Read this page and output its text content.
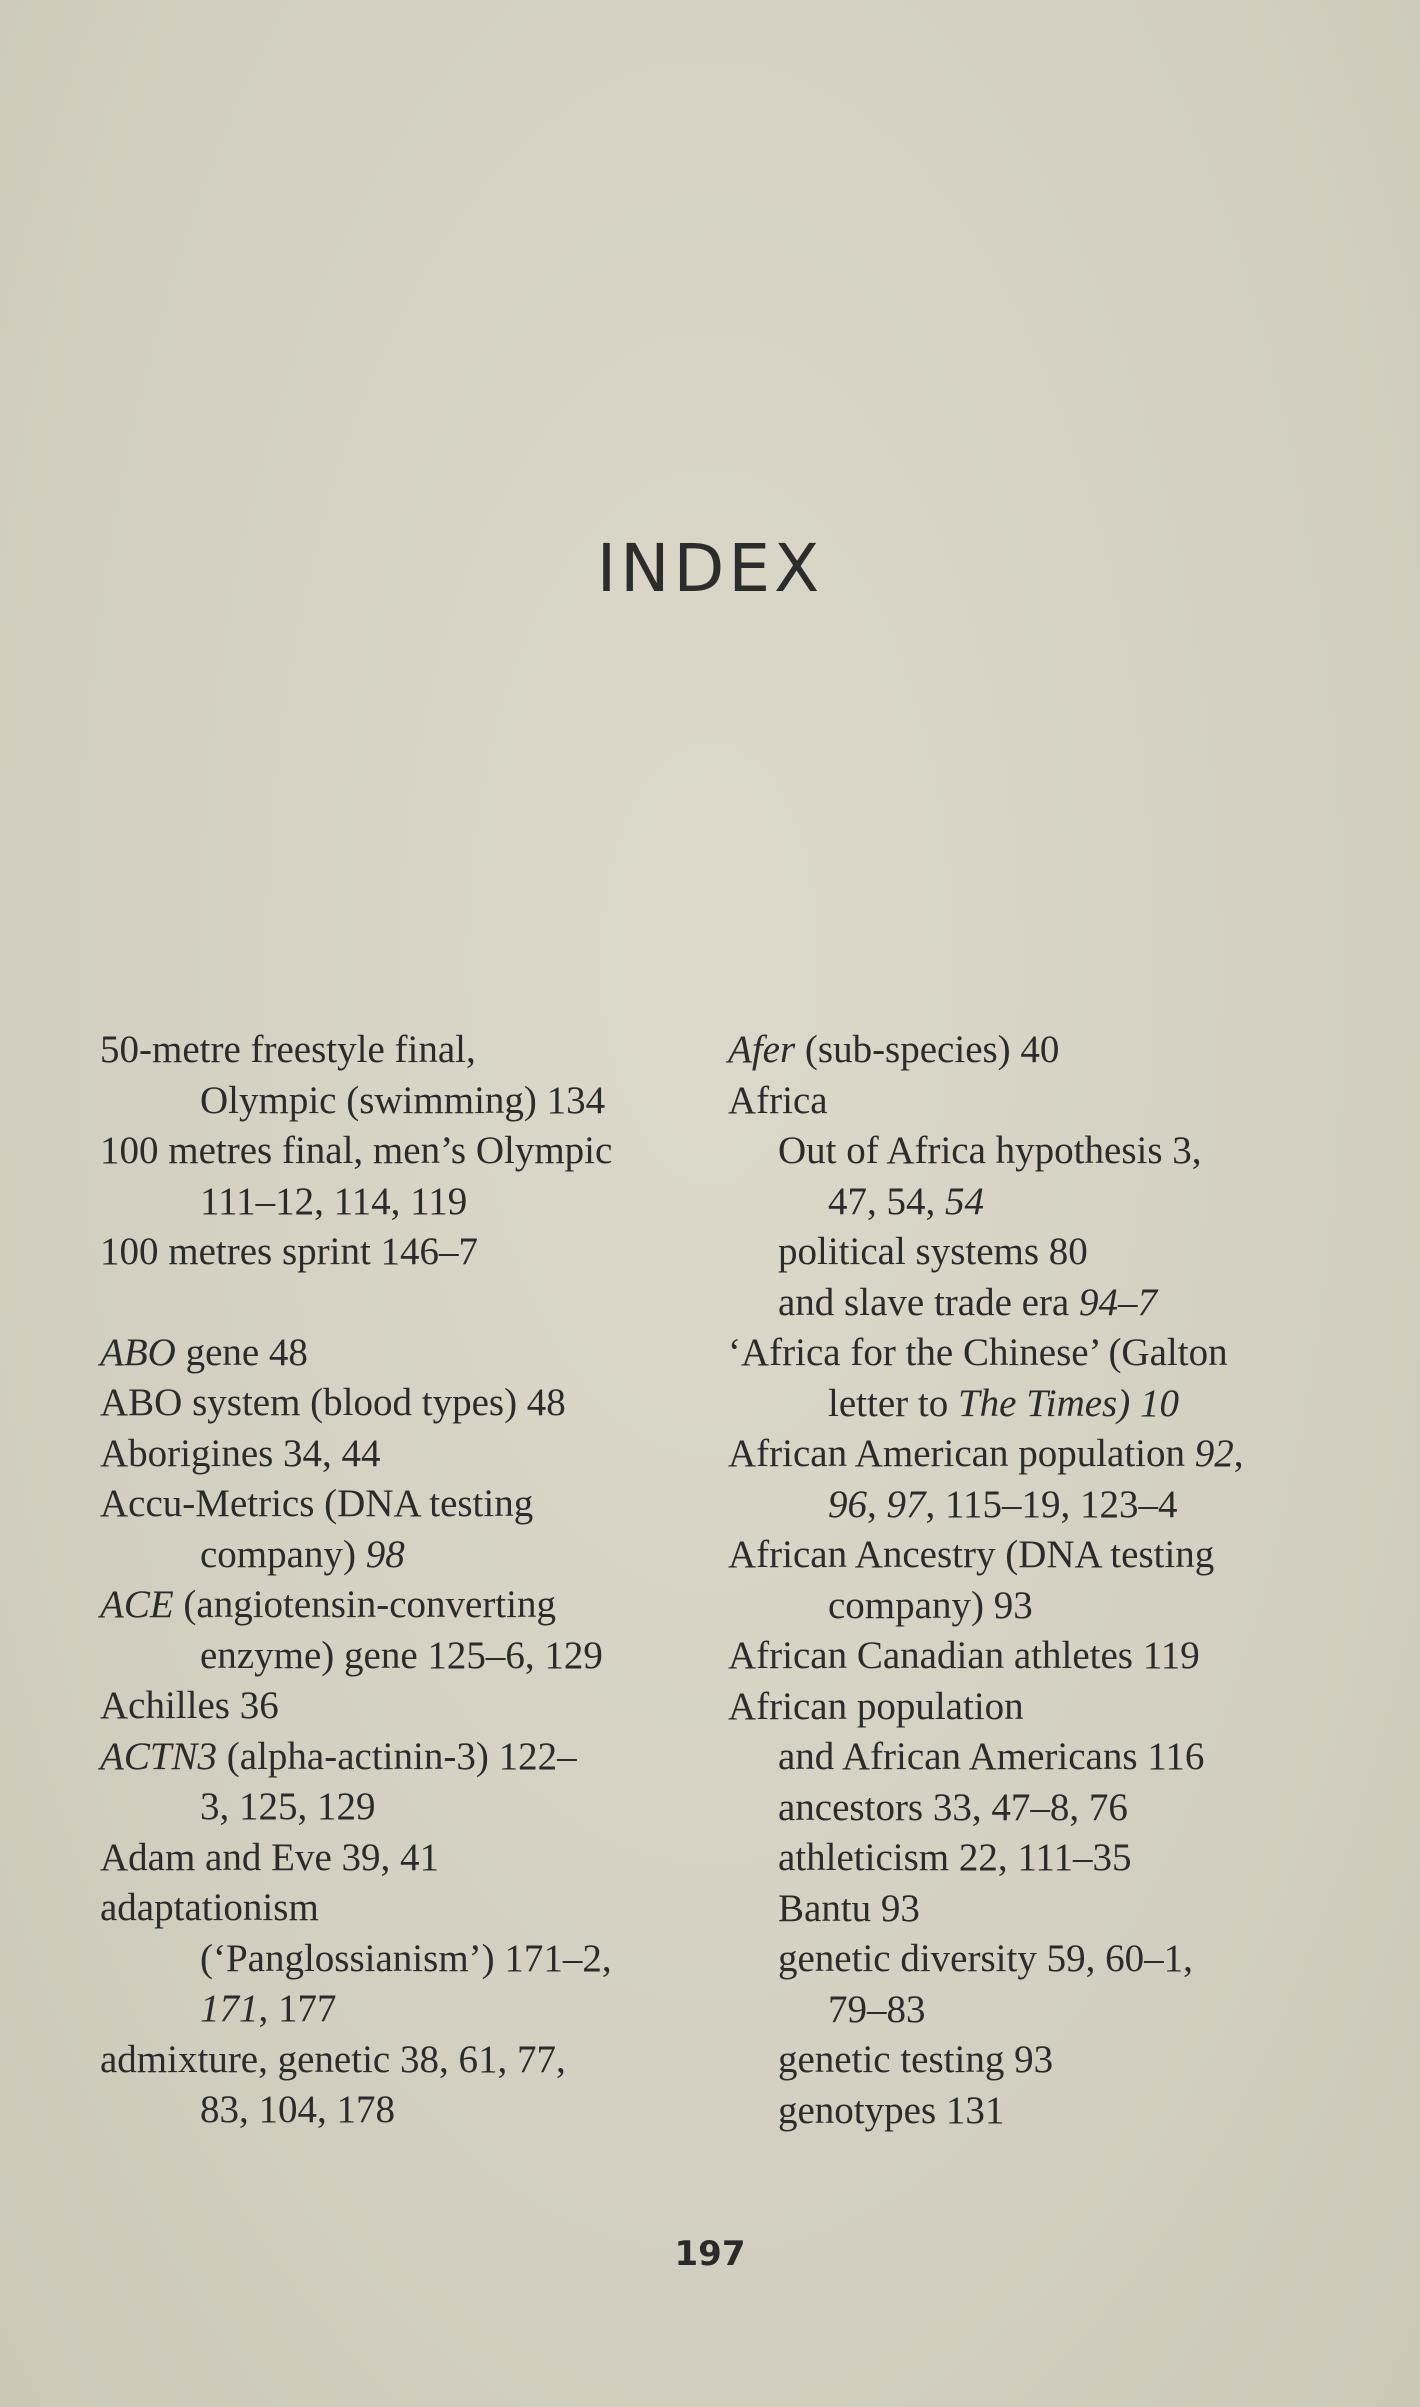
INDEX
50-metre freestyle final,
Olympic (swimming) 134
100 metres final, men’s Olympic
111–12, 114, 119
100 metres sprint 146–7
ABO gene 48
ABO system (blood types) 48
Aborigines 34, 44
Accu-Metrics (DNA testing
company) 98
ACE (angiotensin-converting
enzyme) gene 125–6, 129
Achilles 36
ACTN3 (alpha-actinin-3) 122–
3, 125, 129
Adam and Eve 39, 41
adaptationism
(‘Panglossianism’) 171–2,
171, 177
admixture, genetic 38, 61, 77,
83, 104, 178
Afer (sub-species) 40
Africa
Out of Africa hypothesis 3,
47, 54, 54
political systems 80
and slave trade era 94–7
‘Africa for the Chinese’ (Galton
letter to The Times) 10
African American population 92,
96, 97, 115–19, 123–4
African Ancestry (DNA testing
company) 93
African Canadian athletes 119
African population
and African Americans 116
ancestors 33, 47–8, 76
athleticism 22, 111–35
Bantu 93
genetic diversity 59, 60–1,
79–83
genetic testing 93
genotypes 131
197
